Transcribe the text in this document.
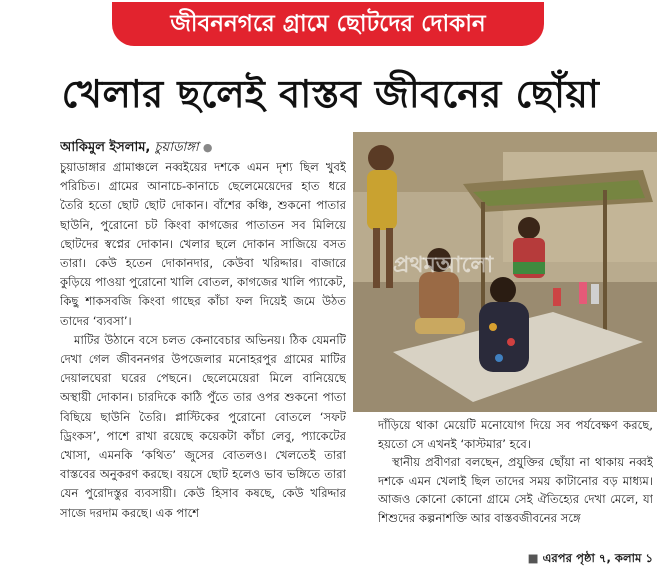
জীবননগরে গ্রামে ছোটদের দোকান
খেলার ছলেই বাস্তব জীবনের ছোঁয়া
আকিমুল ইসলাম, চুয়াডাঙ্গা ●

চুয়াডাঙ্গার গ্রামাঞ্চলে নব্বইয়ের দশকে এমন দৃশ্য ছিল খুবই পরিচিত। গ্রামের আনাচে-কানাচে ছেলেমেয়েদের হাত ধরে তৈরি হতো ছোট ছোট দোকান। বাঁশের কঞ্চি, শুকনো পাতার ছাউনি, পুরোনো চট কিংবা কাগজের পাতাতন সব মিলিয়ে ছোটদের স্বপ্নের দোকান। খেলার ছলে দোকান সাজিয়ে বসত তারা। কেউ হতেন দোকানদার, কেউবা খরিদ্দার। বাজারে কুড়িয়ে পাওয়া পুরোনো খালি বোতল, কাগজের খালি প্যাকেট, কিছু শাকসবজি কিংবা গাছের কাঁচা ফল দিয়েই জমে উঠত তাদের ‘ব্যবসা’।

মাটির উঠানে বসে চলত কেনাবেচার অভিনয়। ঠিক যেমনটি দেখা গেল জীবননগর উপজেলার মনোহরপুর গ্রামের মাটির দেয়ালঘেরা ঘরের পেছনে। ছেলেমেয়েরা মিলে বানিয়েছে অস্থায়ী দোকান। চারদিকে কাঠি পুঁতে তার ওপর শুকনো পাতা বিছিয়ে ছাউনি তৈরি। প্লাস্টিকের পুরোনো বোতলে ‘সফট ড্রিংকস’, পাশে রাখা রয়েছে কয়েকটা কাঁচা লেবু, প্যাকেটের খোসা, এমনকি ‘কথিত’ জুসের বোতলও। খেলতেই তারা বাস্তবের অনুকরণ করছে। বয়সে ছোট হলেও ভাব ভঙ্গিতে তারা যেন পুরোদস্তুর ব্যবসায়ী। কেউ হিসাব কষছে, কেউ খরিদ্দার সাজে দরদাম করছে। এক পাশে

প্রথমআলো

দাঁড়িয়ে থাকা মেয়েটি মনোযোগ দিয়ে সব পর্যবেক্ষণ করছে, হয়তো সে এখনই ‘কাস্টমার’ হবে।

স্থানীয় প্রবীণরা বলছেন, প্রযুক্তির ছোঁয়া না থাকায় নব্বই দশকে এমন খেলাই ছিল তাদের সময় কাটানোর বড় মাধ্যম। আজও কোনো কোনো গ্রামে সেই ঐতিহ্যের দেখা মেলে, যা শিশুদের কল্পনাশক্তি আর বাস্তবজীবনের সঙ্গে

■ এরপর পৃষ্ঠা ৭, কলাম ১
